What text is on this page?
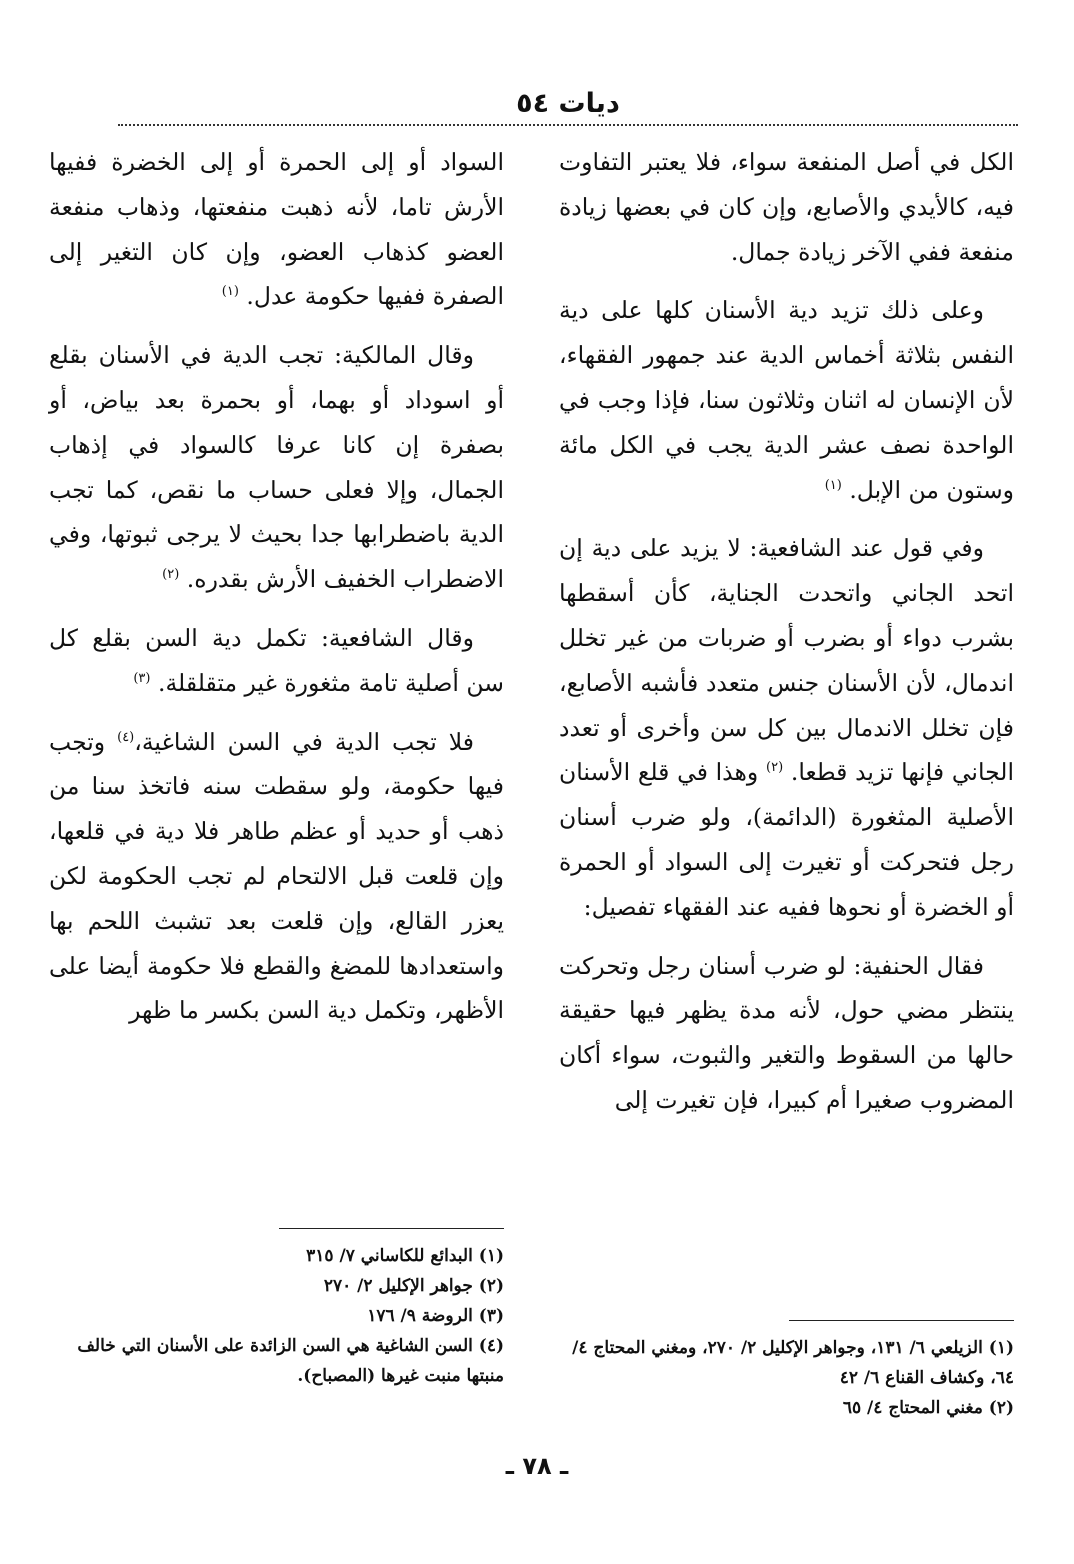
ديات ٥٤

الكل في أصل المنفعة سواء، فلا يعتبر التفاوت فيه، كالأيدي والأصابع، وإن كان في بعضها زيادة منفعة ففي الآخر زيادة جمال.

وعلى ذلك تزيد دية الأسنان كلها على دية النفس بثلاثة أخماس الدية عند جمهور الفقهاء، لأن الإنسان له اثنان وثلاثون سنا، فإذا وجب في الواحدة نصف عشر الدية يجب في الكل مائة وستون من الإبل. $^{(١)}$

وفي قول عند الشافعية: لا يزيد على دية إن اتحد الجاني واتحدت الجناية، كأن أسقطها بشرب دواء أو بضرب أو ضربات من غير تخلل اندمال، لأن الأسنان جنس متعدد فأشبه الأصابع، فإن تخلل الاندمال بين كل سن وأخرى أو تعدد الجاني فإنها تزيد قطعا. $^{(٢)}$ وهذا في قلع الأسنان الأصلية المثغورة (الدائمة)، ولو ضرب أسنان رجل فتحركت أو تغيرت إلى السواد أو الحمرة أو الخضرة أو نحوها ففيه عند الفقهاء تفصيل:

فقال الحنفية: لو ضرب أسنان رجل وتحركت ينتظر مضي حول، لأنه مدة يظهر فيها حقيقة حالها من السقوط والتغير والثبوت، سواء أكان المضروب صغيرا أم كبيرا، فإن تغيرت إلى

السواد أو إلى الحمرة أو إلى الخضرة ففيها الأرش تاما، لأنه ذهبت منفعتها، وذهاب منفعة العضو كذهاب العضو، وإن كان التغير إلى الصفرة ففيها حكومة عدل. $^{(١)}$

وقال المالكية: تجب الدية في الأسنان بقلع أو اسوداد أو بهما، أو بحمرة بعد بياض، أو بصفرة إن كانا عرفا كالسواد في إذهاب الجمال، وإلا فعلى حساب ما نقص، كما تجب الدية باضطرابها جدا بحيث لا يرجى ثبوتها، وفي الاضطراب الخفيف الأرش بقدره. $^{(٢)}$

وقال الشافعية: تكمل دية السن بقلع كل سن أصلية تامة مثغورة غير متقلقلة. $^{(٣)}$

فلا تجب الدية في السن الشاغية،$^{(٤)}$ وتجب فيها حكومة، ولو سقطت سنه فاتخذ سنا من ذهب أو حديد أو عظم طاهر فلا دية في قلعها، وإن قلعت قبل الالتحام لم تجب الحكومة لكن يعزر القالع، وإن قلعت بعد تشبث اللحم بها واستعدادها للمضغ والقطع فلا حكومة أيضا على الأظهر، وتكمل دية السن بكسر ما ظهر

(١) الزيلعي ٦/ ١٣١، وجواهر الإكليل ٢/ ٢٧٠، ومغني المحتاج ٤/ ٦٤، وكشاف القناع ٦/ ٤٢

(٢) مغني المحتاج ٤/ ٦٥

(١) البدائع للكاساني ٧/ ٣١٥

(٢) جواهر الإكليل ٢/ ٢٧٠

(٣) الروضة ٩/ ١٧٦

(٤) السن الشاغية هي السن الزائدة على الأسنان التي خالف منبتها منبت غيرها (المصباح).

ـ ٧٨ ـ
